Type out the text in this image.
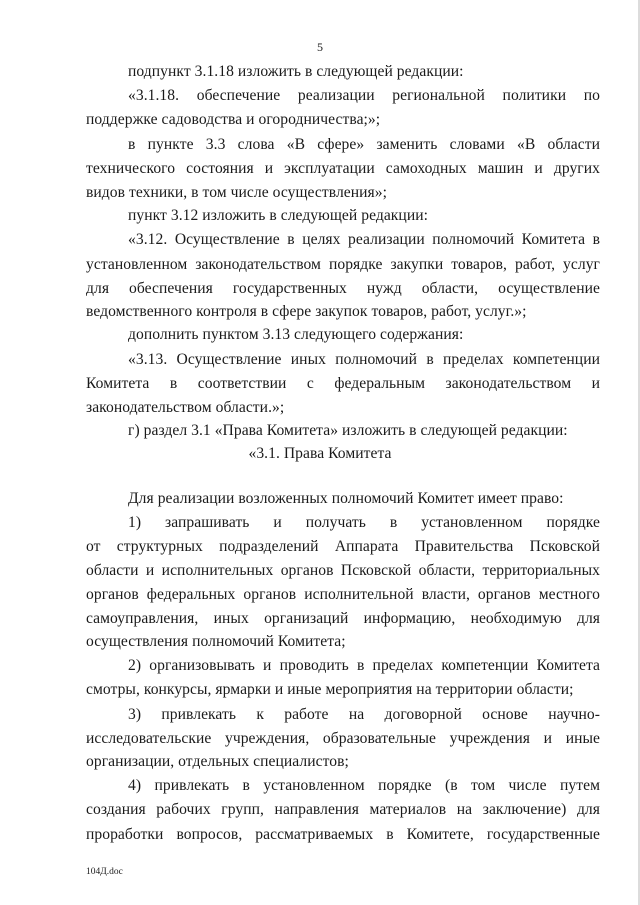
5

подпункт 3.1.18 изложить в следующей редакции:

«3.1.18. обеспечение реализации региональной политики по

поддержке садоводства и огородничества;»;

в пункте 3.3 слова «В сфере» заменить словами «В области

технического состояния и эксплуатации самоходных машин и других

видов техники, в том числе осуществления»;

пункт 3.12 изложить в следующей редакции:

«3.12. Осуществление в целях реализации полномочий Комитета в

установленном законодательством порядке закупки товаров, работ, услуг

для обеспечения государственных нужд области, осуществление

ведомственного контроля в сфере закупок товаров, работ, услуг.»;

дополнить пунктом 3.13 следующего содержания:

«3.13. Осуществление иных полномочий в пределах компетенции

Комитета в соответствии с федеральным законодательством и

законодательством области.»;

г) раздел 3.1 «Права Комитета» изложить в следующей редакции:

«3.1. Права Комитета

Для реализации возложенных полномочий Комитет имеет право:

1) запрашивать и получать в установленном порядке

от структурных подразделений Аппарата Правительства Псковской

области и исполнительных органов Псковской области, территориальных

органов федеральных органов исполнительной власти, органов местного

самоуправления, иных организаций информацию, необходимую для

осуществления полномочий Комитета;

2) организовывать и проводить в пределах компетенции Комитета

смотры, конкурсы, ярмарки и иные мероприятия на территории области;

3) привлекать к работе на договорной основе научно-

исследовательские учреждения, образовательные учреждения и иные

организации, отдельных специалистов;

4) привлекать в установленном порядке (в том числе путем

создания рабочих групп, направления материалов на заключение) для

проработки вопросов, рассматриваемых в Комитете, государственные

104Д.doc
